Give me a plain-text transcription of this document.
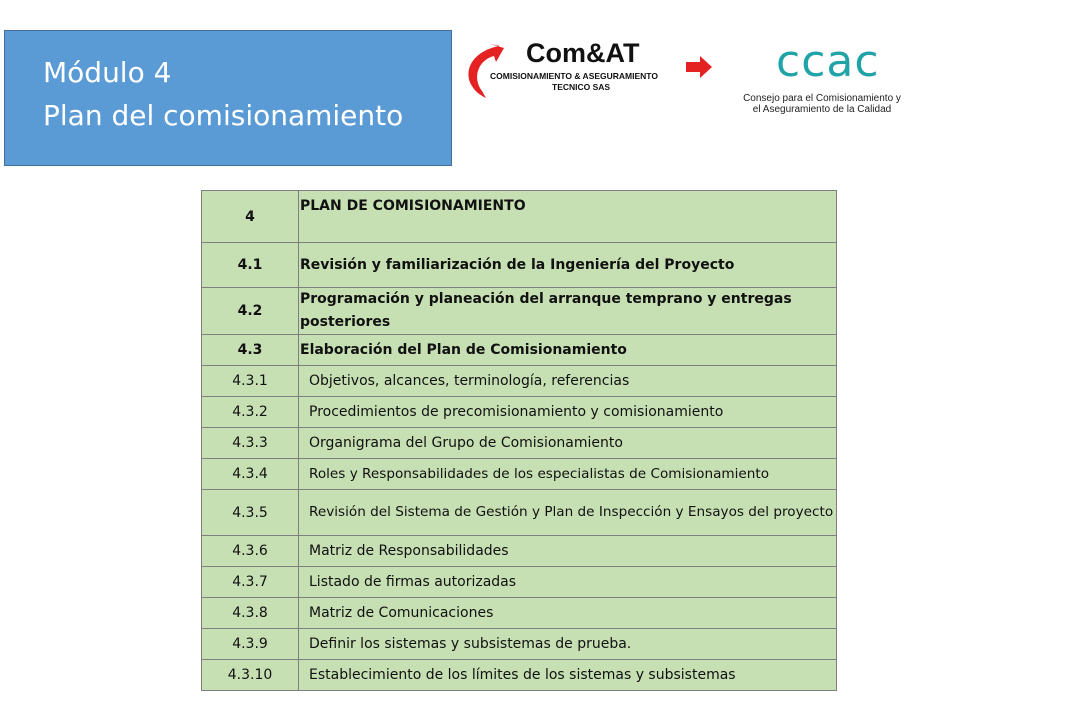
Módulo 4
Plan del comisionamiento
Com&AT
COMISIONAMIENTO & ASEGURAMIENTO
TECNICO SAS	ccac
Consejo para el Comisionamiento y
el Aseguramiento de la Calidad
4	PLAN DE COMISIONAMIENTO
4.1	Revisión y familiarización de la Ingeniería del Proyecto
4.2	Programación y planeación del arranque temprano y entregas posteriores
4.3	Elaboración del Plan de Comisionamiento
4.3.1	Objetivos, alcances, terminología, referencias
4.3.2	Procedimientos de precomisionamiento y comisionamiento
4.3.3	Organigrama del Grupo de Comisionamiento
4.3.4	Roles y Responsabilidades de los especialistas de Comisionamiento
4.3.5	Revisión del Sistema de Gestión y Plan de Inspección y Ensayos del proyecto
4.3.6	Matriz de Responsabilidades
4.3.7	Listado de firmas autorizadas
4.3.8	Matriz de Comunicaciones
4.3.9	Definir los sistemas y subsistemas de prueba.
4.3.10	Establecimiento de los límites de los sistemas y subsistemas
